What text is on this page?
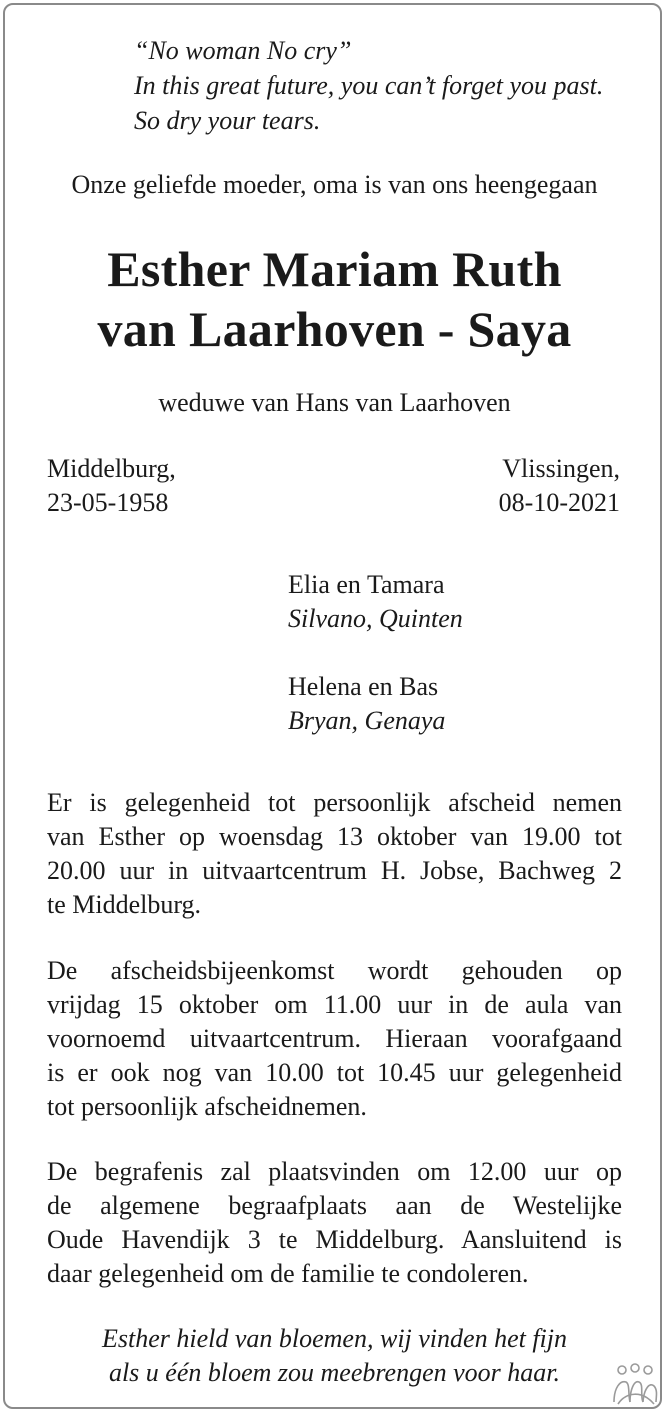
“No woman No cry”
In this great future, you can’t forget you past.
So dry your tears.
Onze geliefde moeder, oma is van ons heengegaan
Esther Mariam Ruth
van Laarhoven - Saya
weduwe van Hans van Laarhoven
Middelburg,
23-05-1958
Vlissingen,
08-10-2021
Elia en Tamara
Silvano, Quinten
Helena en Bas
Bryan, Genaya
Er is gelegenheid tot persoonlijk afscheid nemen
van Esther op woensdag 13 oktober van 19.00 tot
20.00 uur in uitvaartcentrum H. Jobse, Bachweg 2
te Middelburg.
De afscheidsbijeenkomst wordt gehouden op
vrijdag 15 oktober om 11.00 uur in de aula van
voornoemd uitvaartcentrum. Hieraan voorafgaand
is er ook nog van 10.00 tot 10.45 uur gelegenheid
tot persoonlijk afscheidnemen.
De begrafenis zal plaatsvinden om 12.00 uur op
de algemene begraafplaats aan de Westelijke
Oude Havendijk 3 te Middelburg. Aansluitend is
daar gelegenheid om de familie te condoleren.
Esther hield van bloemen, wij vinden het fijn
als u één bloem zou meebrengen voor haar.
